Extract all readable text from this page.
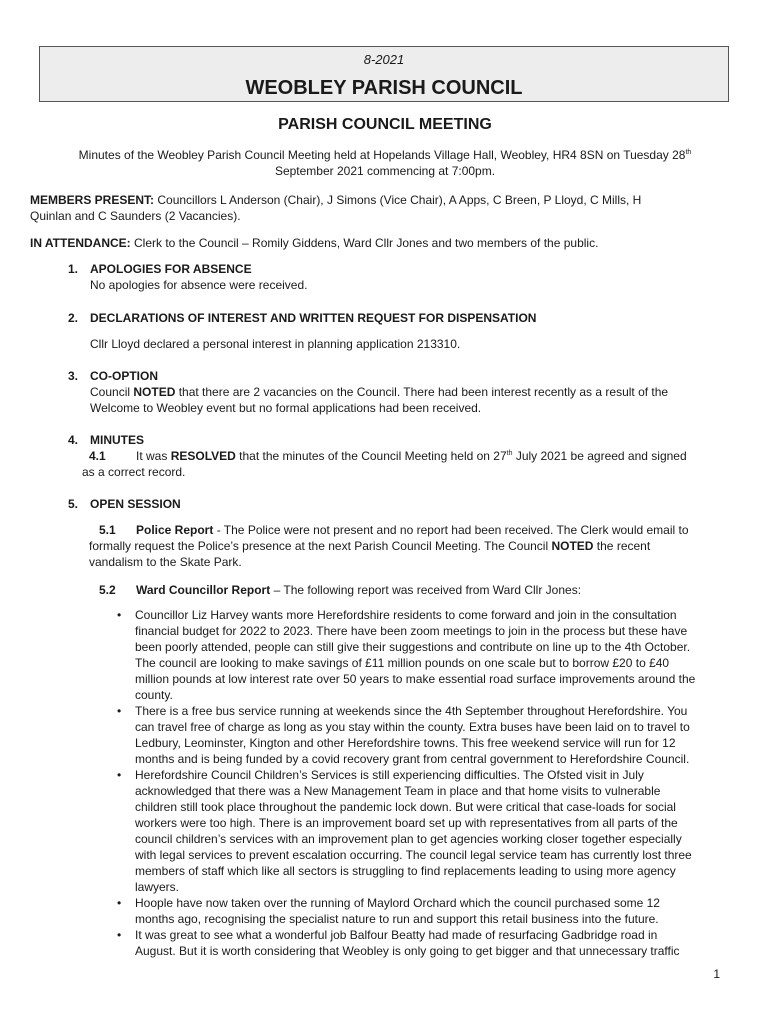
8-2021
WEOBLEY PARISH COUNCIL
PARISH COUNCIL MEETING
Minutes of the Weobley Parish Council Meeting held at Hopelands Village Hall, Weobley, HR4 8SN on Tuesday 28th
September 2021 commencing at 7:00pm.
MEMBERS PRESENT: Councillors L Anderson (Chair), J Simons (Vice Chair), A Apps, C Breen, P Lloyd, C Mills, H
Quinlan and C Saunders (2 Vacancies).
IN ATTENDANCE: Clerk to the Council – Romily Giddens, Ward Cllr Jones and two members of the public.
1. APOLOGIES FOR ABSENCE
No apologies for absence were received.
2. DECLARATIONS OF INTEREST AND WRITTEN REQUEST FOR DISPENSATION
Cllr Lloyd declared a personal interest in planning application 213310.
3. CO-OPTION
Council NOTED that there are 2 vacancies on the Council. There had been interest recently as a result of the
Welcome to Weobley event but no formal applications had been received.
4. MINUTES
4.1	It was RESOLVED that the minutes of the Council Meeting held on 27th July 2021 be agreed and signed
as a correct record.
5. OPEN SESSION
5.1 Police Report - The Police were not present and no report had been received. The Clerk would email to
formally request the Police’s presence at the next Parish Council Meeting. The Council NOTED the recent
vandalism to the Skate Park.
5.2 Ward Councillor Report – The following report was received from Ward Cllr Jones:
• Councillor Liz Harvey wants more Herefordshire residents to come forward and join in the consultation
financial budget for 2022 to 2023. There have been zoom meetings to join in the process but these have
been poorly attended, people can still give their suggestions and contribute on line up to the 4th October.
The council are looking to make savings of £11 million pounds on one scale but to borrow £20 to £40
million pounds at low interest rate over 50 years to make essential road surface improvements around the
county.
• There is a free bus service running at weekends since the 4th September throughout Herefordshire. You
can travel free of charge as long as you stay within the county. Extra buses have been laid on to travel to
Ledbury, Leominster, Kington and other Herefordshire towns. This free weekend service will run for 12
months and is being funded by a covid recovery grant from central government to Herefordshire Council.
• Herefordshire Council Children’s Services is still experiencing difficulties. The Ofsted visit in July
acknowledged that there was a New Management Team in place and that home visits to vulnerable
children still took place throughout the pandemic lock down. But were critical that case-loads for social
workers were too high. There is an improvement board set up with representatives from all parts of the
council children’s services with an improvement plan to get agencies working closer together especially
with legal services to prevent escalation occurring. The council legal service team has currently lost three
members of staff which like all sectors is struggling to find replacements leading to using more agency
lawyers.
• Hoople have now taken over the running of Maylord Orchard which the council purchased some 12
months ago, recognising the specialist nature to run and support this retail business into the future.
• It was great to see what a wonderful job Balfour Beatty had made of resurfacing Gadbridge road in
August. But it is worth considering that Weobley is only going to get bigger and that unnecessary traffic
1
